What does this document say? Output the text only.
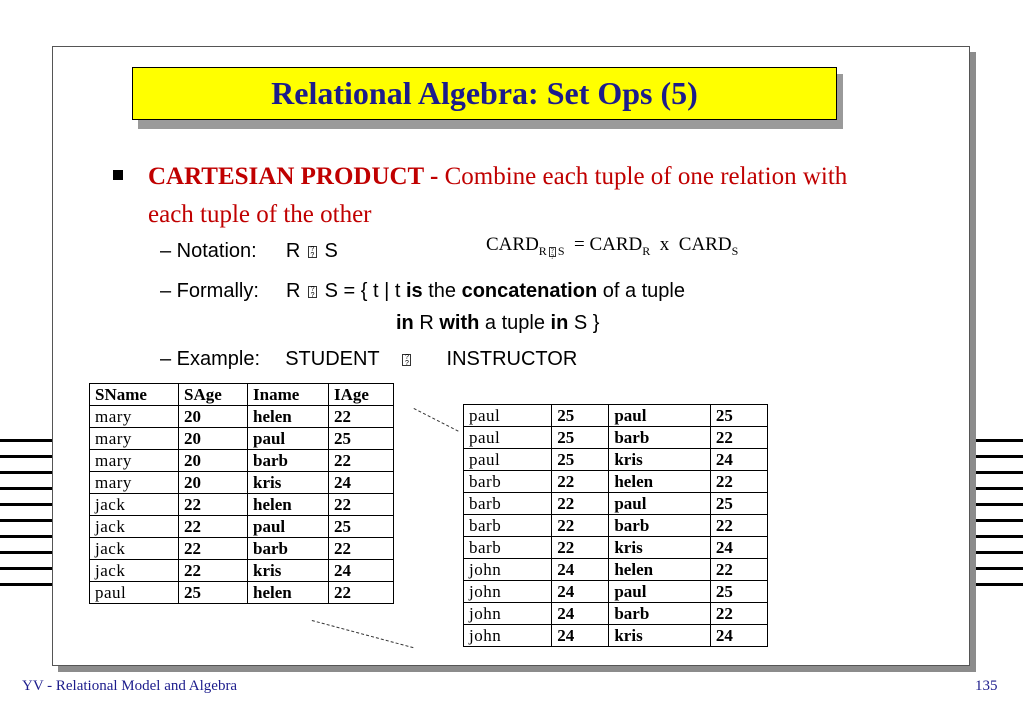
Relational Algebra: Set Ops (5)
CARTESIAN PRODUCT - Combine each tuple of one relation with each tuple of the other
– Notation: R ?
? S	$CARD_{R ? ? S}$ = $CARD_R$ x $CARD_S$
– Formally: R ?
? S = { t | t is the concatenation of a tuple
in R with a tuple in S }
– Example: STUDENT	?
? INSTRUCTOR
SName	SAge	Iname	IAge
mary	20	helen	22
mary	20	paul	25
mary	20	barb	22
mary	20	kris	24
jack	22	helen	22
jack	22	paul	25
jack	22	barb	22
jack	22	kris	24
paul	25	helen	22
paul	25	paul	25
paul	25	barb	22
paul	25	kris	24
barb	22	helen	22
barb	22	paul	25
barb	22	barb	22
barb	22	kris	24
john	24	helen	22
john	24	paul	25
john	24	barb	22
john	24	kris	24
YV - Relational Model and Algebra	135
